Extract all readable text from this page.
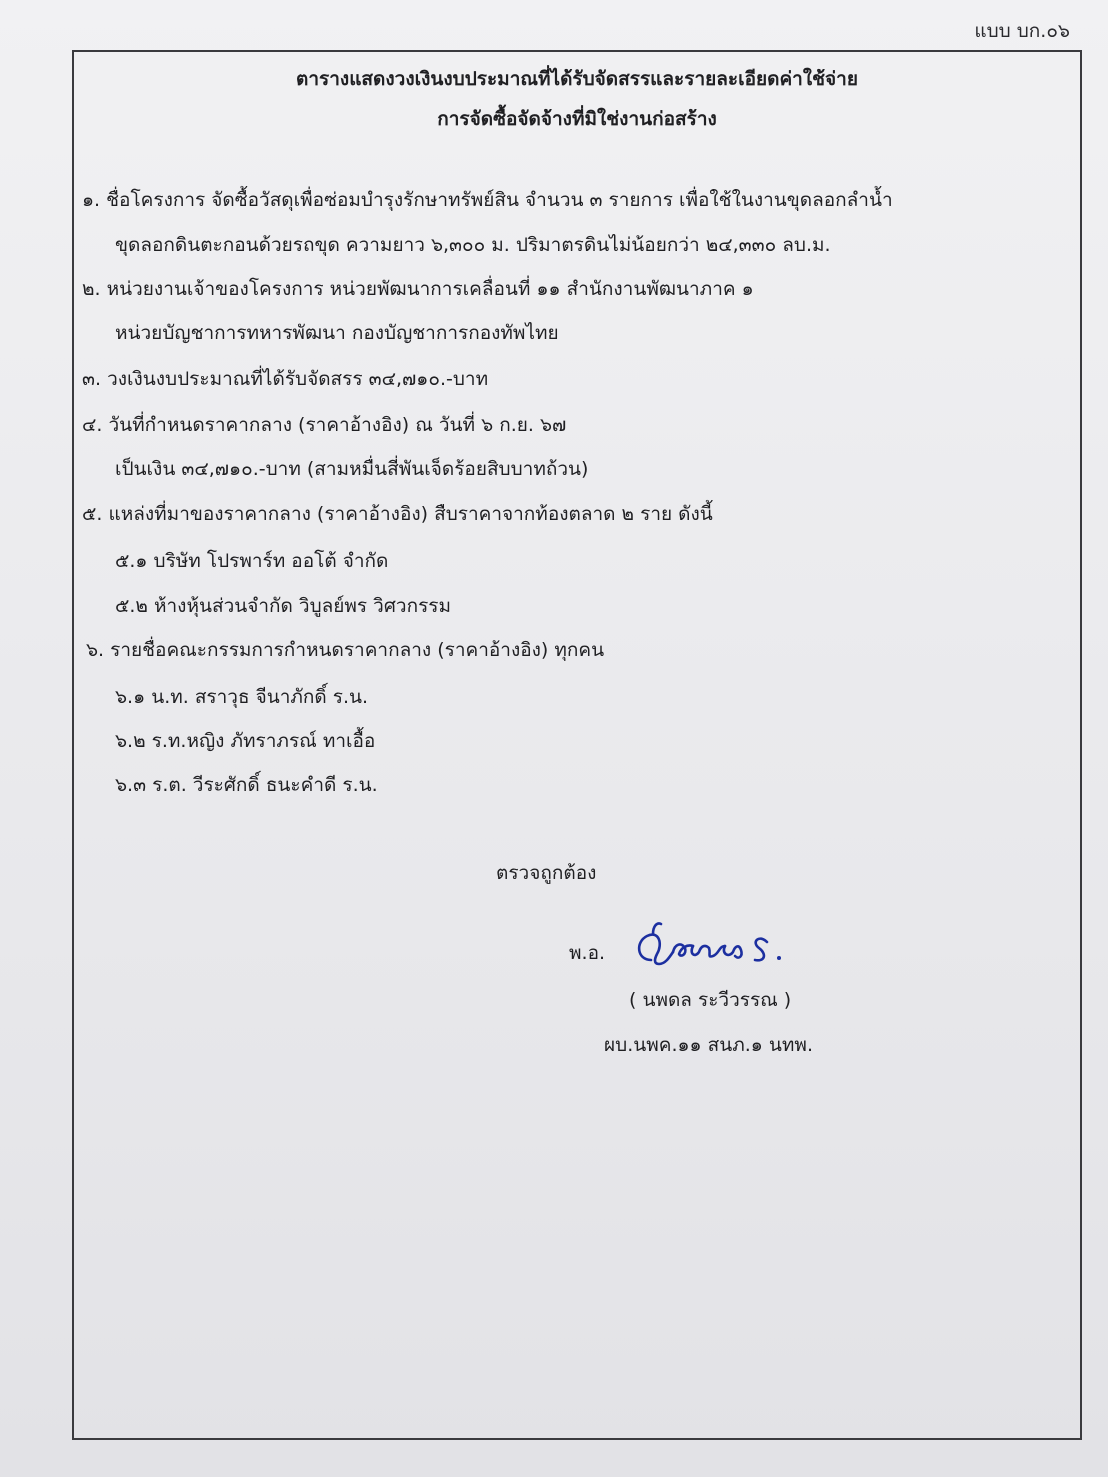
แบบ บก.๐๖
ตารางแสดงวงเงินงบประมาณที่ได้รับจัดสรรและรายละเอียดค่าใช้จ่าย
การจัดซื้อจัดจ้างที่มิใช่งานก่อสร้าง
๑. ชื่อโครงการ จัดซื้อวัสดุเพื่อซ่อมบำรุงรักษาทรัพย์สิน จำนวน ๓ รายการ เพื่อใช้ในงานขุดลอกลำน้ำ
ขุดลอกดินตะกอนด้วยรถขุด ความยาว ๖,๓๐๐ ม. ปริมาตรดินไม่น้อยกว่า ๒๔,๓๓๐ ลบ.ม.
๒. หน่วยงานเจ้าของโครงการ หน่วยพัฒนาการเคลื่อนที่ ๑๑ สำนักงานพัฒนาภาค ๑
หน่วยบัญชาการทหารพัฒนา กองบัญชาการกองทัพไทย
๓. วงเงินงบประมาณที่ได้รับจัดสรร ๓๔,๗๑๐.-บาท
๔. วันที่กำหนดราคากลาง (ราคาอ้างอิง) ณ วันที่ ๖ ก.ย. ๖๗
เป็นเงิน ๓๔,๗๑๐.-บาท (สามหมื่นสี่พันเจ็ดร้อยสิบบาทถ้วน)
๕. แหล่งที่มาของราคากลาง (ราคาอ้างอิง) สืบราคาจากท้องตลาด ๒ ราย ดังนี้
๕.๑ บริษัท โปรพาร์ท ออโต้ จำกัด
๕.๒ ห้างหุ้นส่วนจำกัด วิบูลย์พร วิศวกรรม
๖. รายชื่อคณะกรรมการกำหนดราคากลาง (ราคาอ้างอิง) ทุกคน
๖.๑ น.ท. สราวุธ จีนาภักดิ์ ร.น.
๖.๒ ร.ท.หญิง ภัทราภรณ์ ทาเอื้อ
๖.๓ ร.ต. วีระศักดิ์ ธนะคำดี ร.น.
ตรวจถูกต้อง
พ.อ.
( นพดล ระวีวรรณ )
ผบ.นพค.๑๑ สนภ.๑ นทพ.
